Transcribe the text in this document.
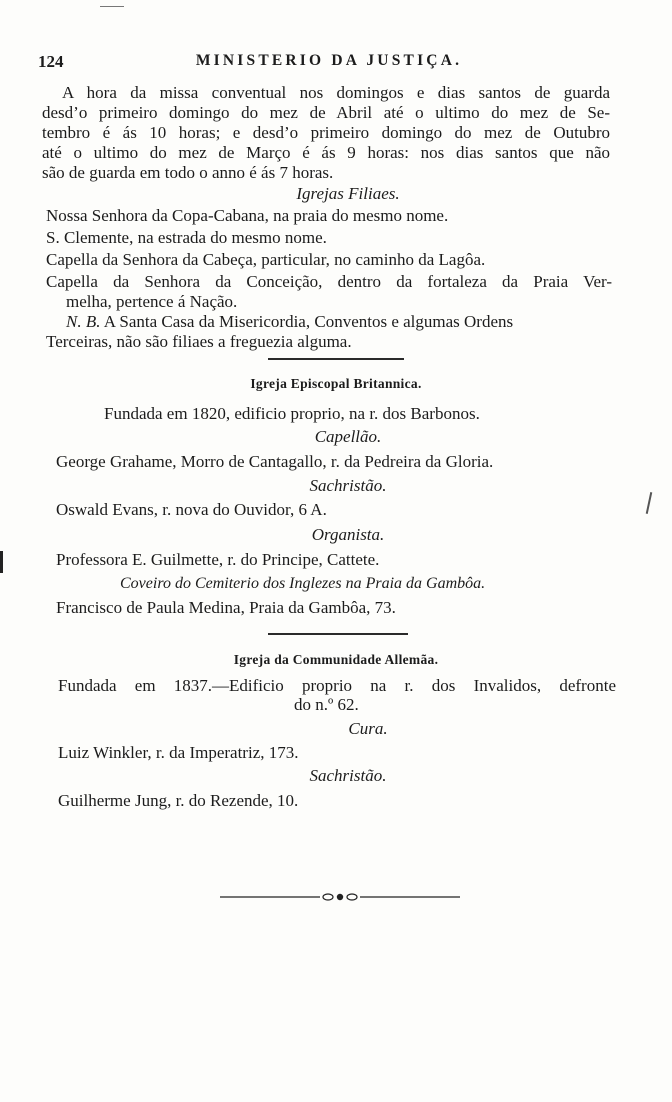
124	MINISTERIO DA JUSTIÇA.
A hora da missa conventual nos domingos e dias santos de guarda
desd’o primeiro domingo do mez de Abril até o ultimo do mez de Se-
tembro é ás 10 horas; e desd’o primeiro domingo do mez de Outubro
até o ultimo do mez de Março é ás 9 horas: nos dias santos que não
são de guarda em todo o anno é ás 7 horas.
Igrejas Filiaes.
Nossa Senhora da Copa-Cabana, na praia do mesmo nome.
S. Clemente, na estrada do mesmo nome.
Capella da Senhora da Cabeça, particular, no caminho da Lagôa.
Capella da Senhora da Conceição, dentro da fortaleza da Praia Ver-
melha, pertence á Nação.
N. B. A Santa Casa da Misericordia, Conventos e algumas Ordens
Terceiras, não são filiaes a freguezia alguma.
Igreja Episcopal Britannica.
Fundada em 1820, edificio proprio, na r. dos Barbonos.
Capellão.
George Grahame, Morro de Cantagallo, r. da Pedreira da Gloria.
Sachristão.
Oswald Evans, r. nova do Ouvidor, 6 A.
Organista.
Professora E. Guilmette, r. do Principe, Cattete.
Coveiro do Cemiterio dos Inglezes na Praia da Gambôa.
Francisco de Paula Medina, Praia da Gambôa, 73.
Igreja da Communidade Allemãa.
Fundada em 1837.—Edificio proprio na r. dos Invalidos, defronte
do n.º 62.
Cura.
Luiz Winkler, r. da Imperatriz, 173.
Sachristão.
Guilherme Jung, r. do Rezende, 10.
